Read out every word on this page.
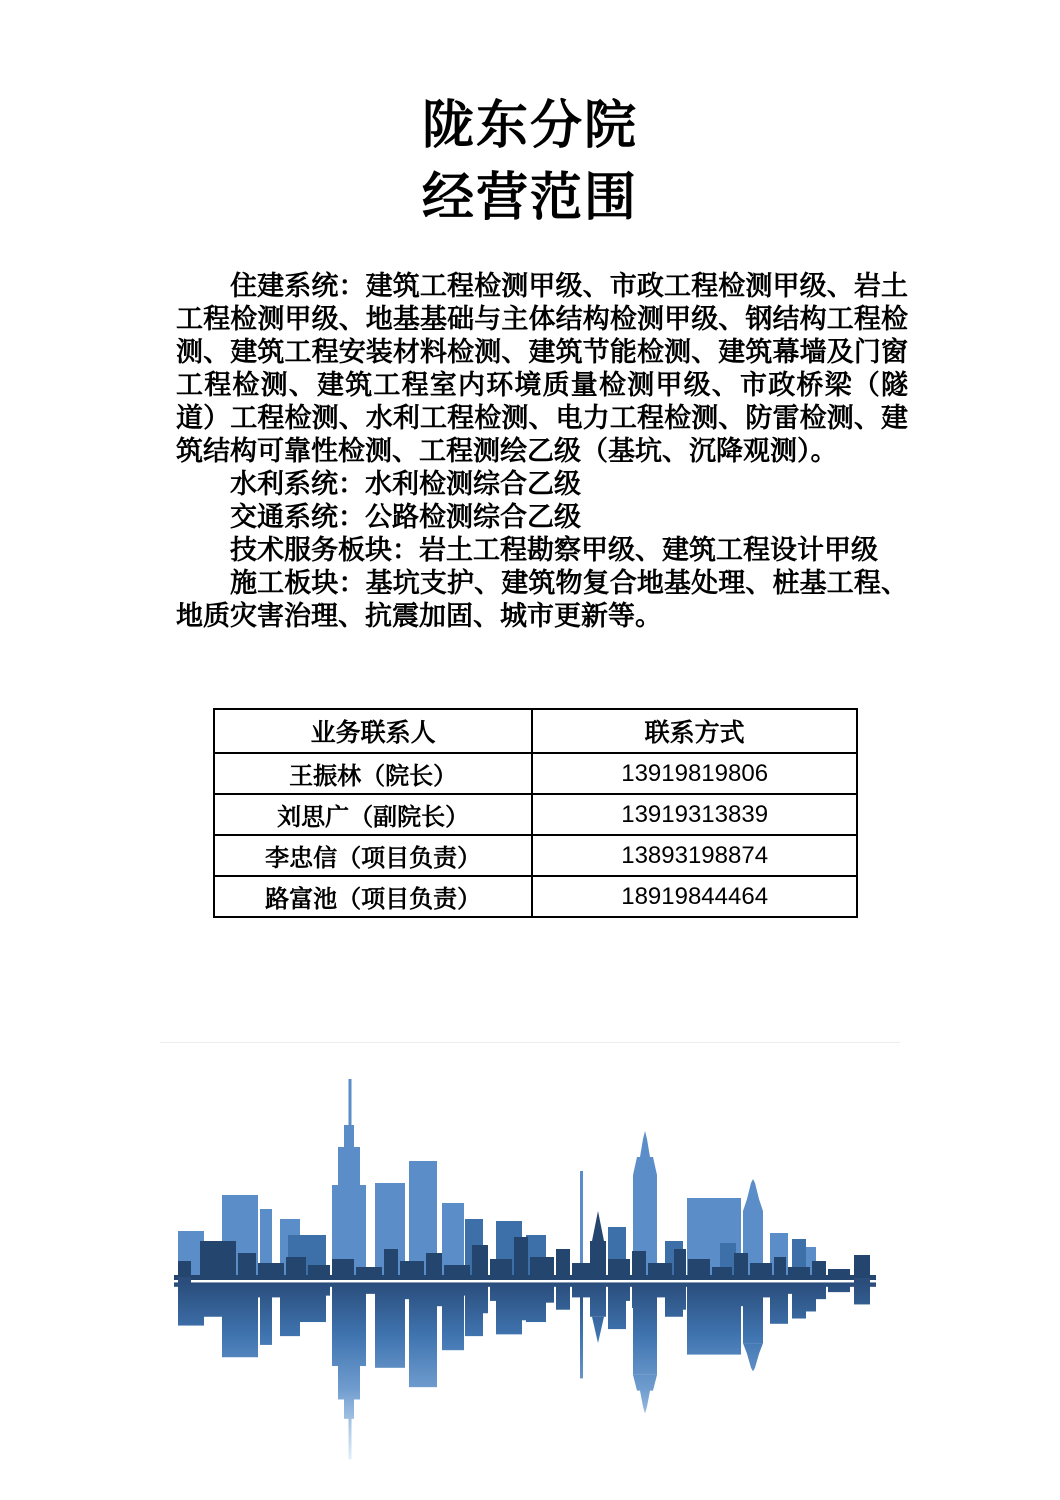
陇东分院
经营范围

住建系统：建筑工程检测甲级、市政工程检测甲级、岩土工程检测甲级、地基基础与主体结构检测甲级、钢结构工程检测、建筑工程安装材料检测、建筑节能检测、建筑幕墙及门窗工程检测、建筑工程室内环境质量检测甲级、市政桥梁（隧道）工程检测、水利工程检测、电力工程检测、防雷检测、建筑结构可靠性检测、工程测绘乙级（基坑、沉降观测）。

水利系统：水利检测综合乙级

交通系统：公路检测综合乙级

技术服务板块：岩土工程勘察甲级、建筑工程设计甲级

施工板块：基坑支护、建筑物复合地基处理、桩基工程、地质灾害治理、抗震加固、城市更新等。

业务联系人	联系方式
王振林（院长）	13919819806
刘思广（副院长）	13919313839
李忠信（项目负责）	13893198874
路富池（项目负责）	18919844464
